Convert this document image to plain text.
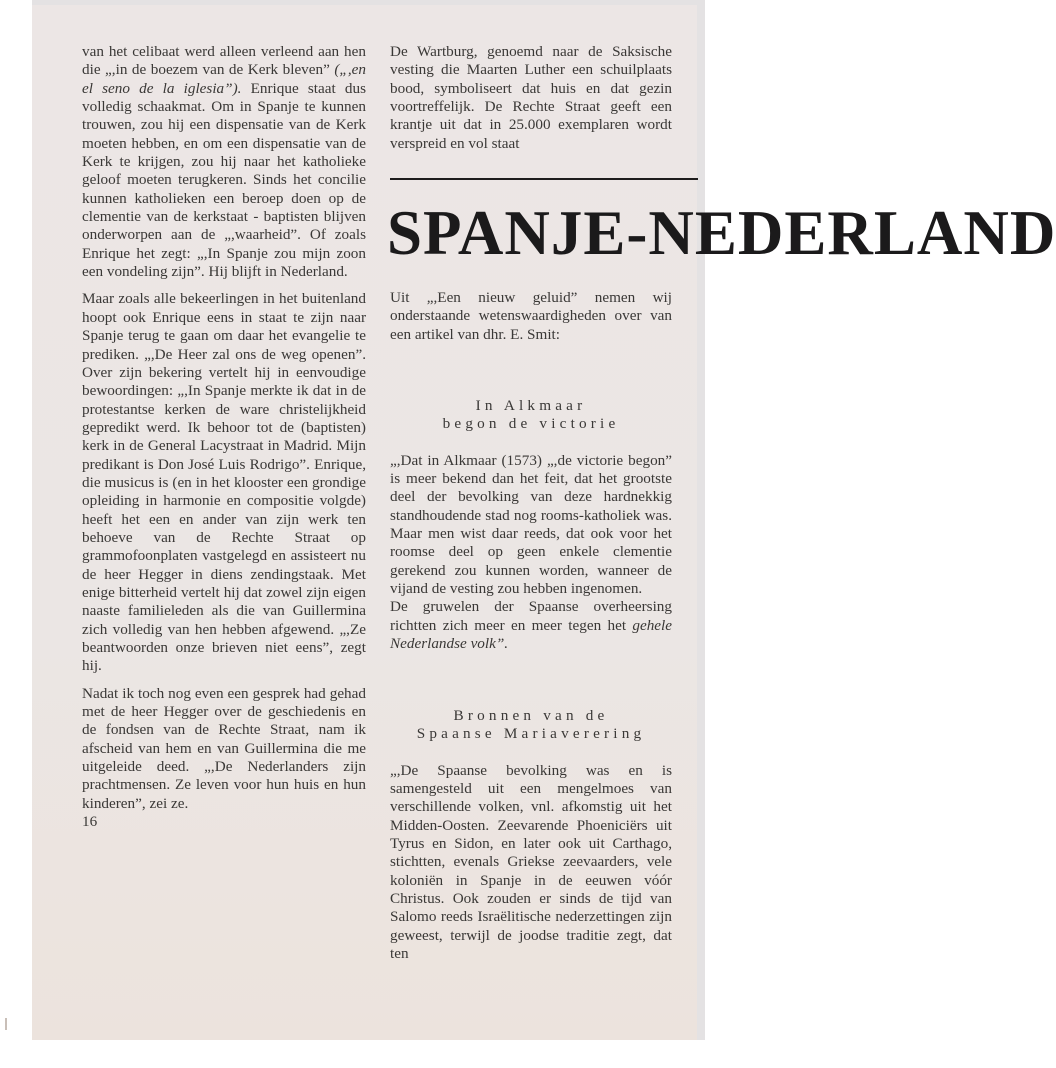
van het celibaat werd alleen verleend aan hen die „,in de boezem van de Kerk bleven” („,en el seno de la iglesia”). Enrique staat dus volledig schaakmat. Om in Spanje te kunnen trouwen, zou hij een dispensatie van de Kerk moeten hebben, en om een dispensatie van de Kerk te krijgen, zou hij naar het katholieke geloof moeten terugkeren. Sinds het concilie kunnen katholieken een beroep doen op de clementie van de kerkstaat - baptisten blijven onderworpen aan de „,waarheid”. Of zoals Enrique het zegt: „,In Spanje zou mijn zoon een vondeling zijn”. Hij blijft in Nederland.

Maar zoals alle bekeerlingen in het buitenland hoopt ook Enrique eens in staat te zijn naar Spanje terug te gaan om daar het evangelie te prediken. „,De Heer zal ons de weg openen”. Over zijn bekering vertelt hij in eenvoudige bewoordingen: „,In Spanje merkte ik dat in de protestantse kerken de ware christelijkheid gepredikt werd. Ik behoor tot de (baptisten) kerk in de General Lacystraat in Madrid. Mijn predikant is Don José Luis Rodrigo”. Enrique, die musicus is (en in het klooster een grondige opleiding in harmonie en compositie volgde) heeft het een en ander van zijn werk ten behoeve van de Rechte Straat op grammofoonplaten vastgelegd en assisteert nu de heer Hegger in diens zendingstaak. Met enige bitterheid vertelt hij dat zowel zijn eigen naaste familieleden als die van Guillermina zich volledig van hen hebben afgewend. „,Ze beantwoorden onze brieven niet eens”, zegt hij.

Nadat ik toch nog even een gesprek had gehad met de heer Hegger over de geschiedenis en de fondsen van de Rechte Straat, nam ik afscheid van hem en van Guillermina die me uitgeleide deed. „,De Nederlanders zijn prachtmensen. Ze leven voor hun huis en hun kinderen”, zei ze.

16

De Wartburg, genoemd naar de Saksische vesting die Maarten Luther een schuilplaats bood, symboliseert dat huis en dat gezin voortreffelijk. De Rechte Straat geeft een krantje uit dat in 25.000 exemplaren wordt verspreid en vol staat

SPANJE-NEDERLAND

Uit „,Een nieuw geluid” nemen wij onderstaande wetenswaardigheden over van een artikel van dhr. E. Smit:

In Alkmaar
begon de victorie

„,Dat in Alkmaar (1573) „,de victorie begon” is meer bekend dan het feit, dat het grootste deel der bevolking van deze hardnekkig standhoudende stad nog rooms-katholiek was. Maar men wist daar reeds, dat ook voor het roomse deel op geen enkele clementie gerekend zou kunnen worden, wanneer de vijand de vesting zou hebben ingenomen.
De gruwelen der Spaanse overheersing richtten zich meer en meer tegen het gehele Nederlandse volk”.

Bronnen van de
Spaanse Mariaverering

„,De Spaanse bevolking was en is samengesteld uit een mengelmoes van verschillende volken, vnl. afkomstig uit het Midden-Oosten. Zeevarende Phoeniciërs uit Tyrus en Sidon, en later ook uit Carthago, stichtten, evenals Griekse zeevaarders, vele koloniën in Spanje in de eeuwen vóór Christus. Ook zouden er sinds de tijd van Salomo reeds Israëlitische nederzettingen zijn geweest, terwijl de joodse traditie zegt, dat ten
